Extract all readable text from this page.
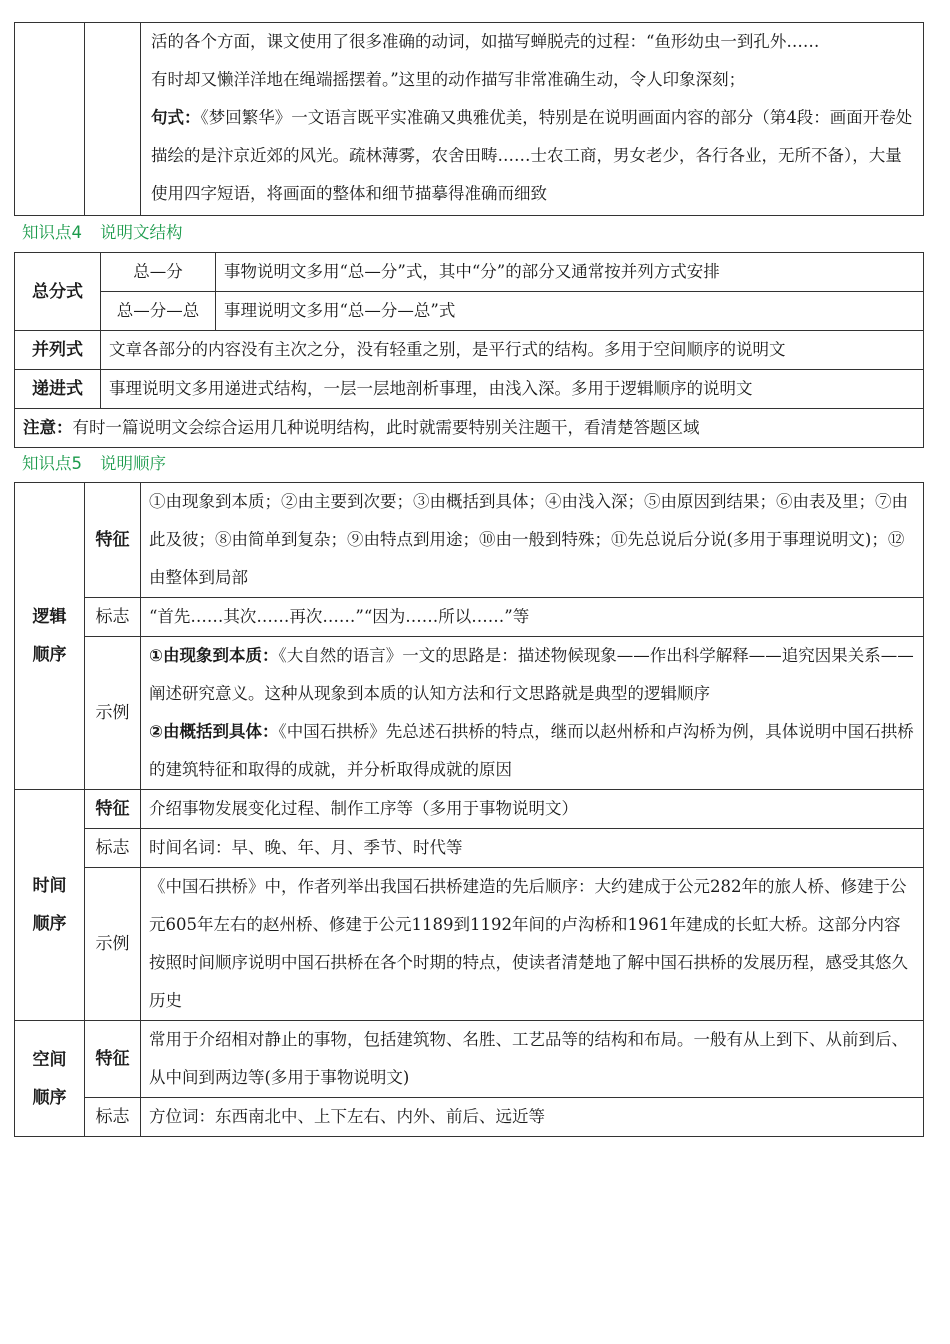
活的各个方面，课文使用了很多准确的动词，如描写蝉脱壳的过程：“鱼形幼虫一到孔外……
有时却又懒洋洋地在绳端摇摆着。”这里的动作描写非常准确生动，令人印象深刻；
句式：《梦回繁华》一文语言既平实准确又典雅优美，特别是在说明画面内容的部分（第4段：画面开卷处描绘的是汴京近郊的风光。疏林薄雾，农舍田畴……士农工商，男女老少，各行各业，无所不备），大量使用四字短语，将画面的整体和细节描摹得准确而细致
知识点4 说明文结构
总分式	总—分	事物说明文多用“总—分”式，其中“分”的部分又通常按并列方式安排
	总—分—总	事理说明文多用“总—分—总”式
并列式	文章各部分的内容没有主次之分，没有轻重之别，是平行式的结构。多用于空间顺序的说明文	
递进式	事理说明文多用递进式结构，一层一层地剖析事理，由浅入深。多用于逻辑顺序的说明文	
注意：有时一篇说明文会综合运用几种说明结构，此时就需要特别关注题干，看清楚答题区域		
知识点5 说明顺序
逻辑
顺序	特征	①由现象到本质；②由主要到次要；③由概括到具体；④由浅入深；⑤由原因到结果；⑥由表及里；⑦由此及彼；⑧由简单到复杂；⑨由特点到用途；⑩由一般到特殊；⑪先总说后分说(多用于事理说明文)；⑫由整体到局部
	标志	“首先……其次……再次……”“因为……所以……”等
	示例	①由现象到本质：《大自然的语言》一文的思路是：描述物候现象——作出科学解释——追究因果关系——阐述研究意义。这种从现象到本质的认知方法和行文思路就是典型的逻辑顺序
②由概括到具体：《中国石拱桥》先总述石拱桥的特点，继而以赵州桥和卢沟桥为例，具体说明中国石拱桥的建筑特征和取得的成就，并分析取得成就的原因

时间
顺序	特征	介绍事物发展变化过程、制作工序等（多用于事物说明文）
	标志	时间名词：早、晚、年、月、季节、时代等
	示例	《中国石拱桥》中，作者列举出我国石拱桥建造的先后顺序：大约建成于公元282年的旅人桥、修建于公元605年左右的赵州桥、修建于公元1189到1192年间的卢沟桥和1961年建成的长虹大桥。这部分内容按照时间顺序说明中国石拱桥在各个时期的特点，使读者清楚地了解中国石拱桥的发展历程，感受其悠久历史

空间
顺序	特征	常用于介绍相对静止的事物，包括建筑物、名胜、工艺品等的结构和布局。一般有从上到下、从前到后、从中间到两边等(多用于事物说明文)
	标志	方位词：东西南北中、上下左右、内外、前后、远近等
